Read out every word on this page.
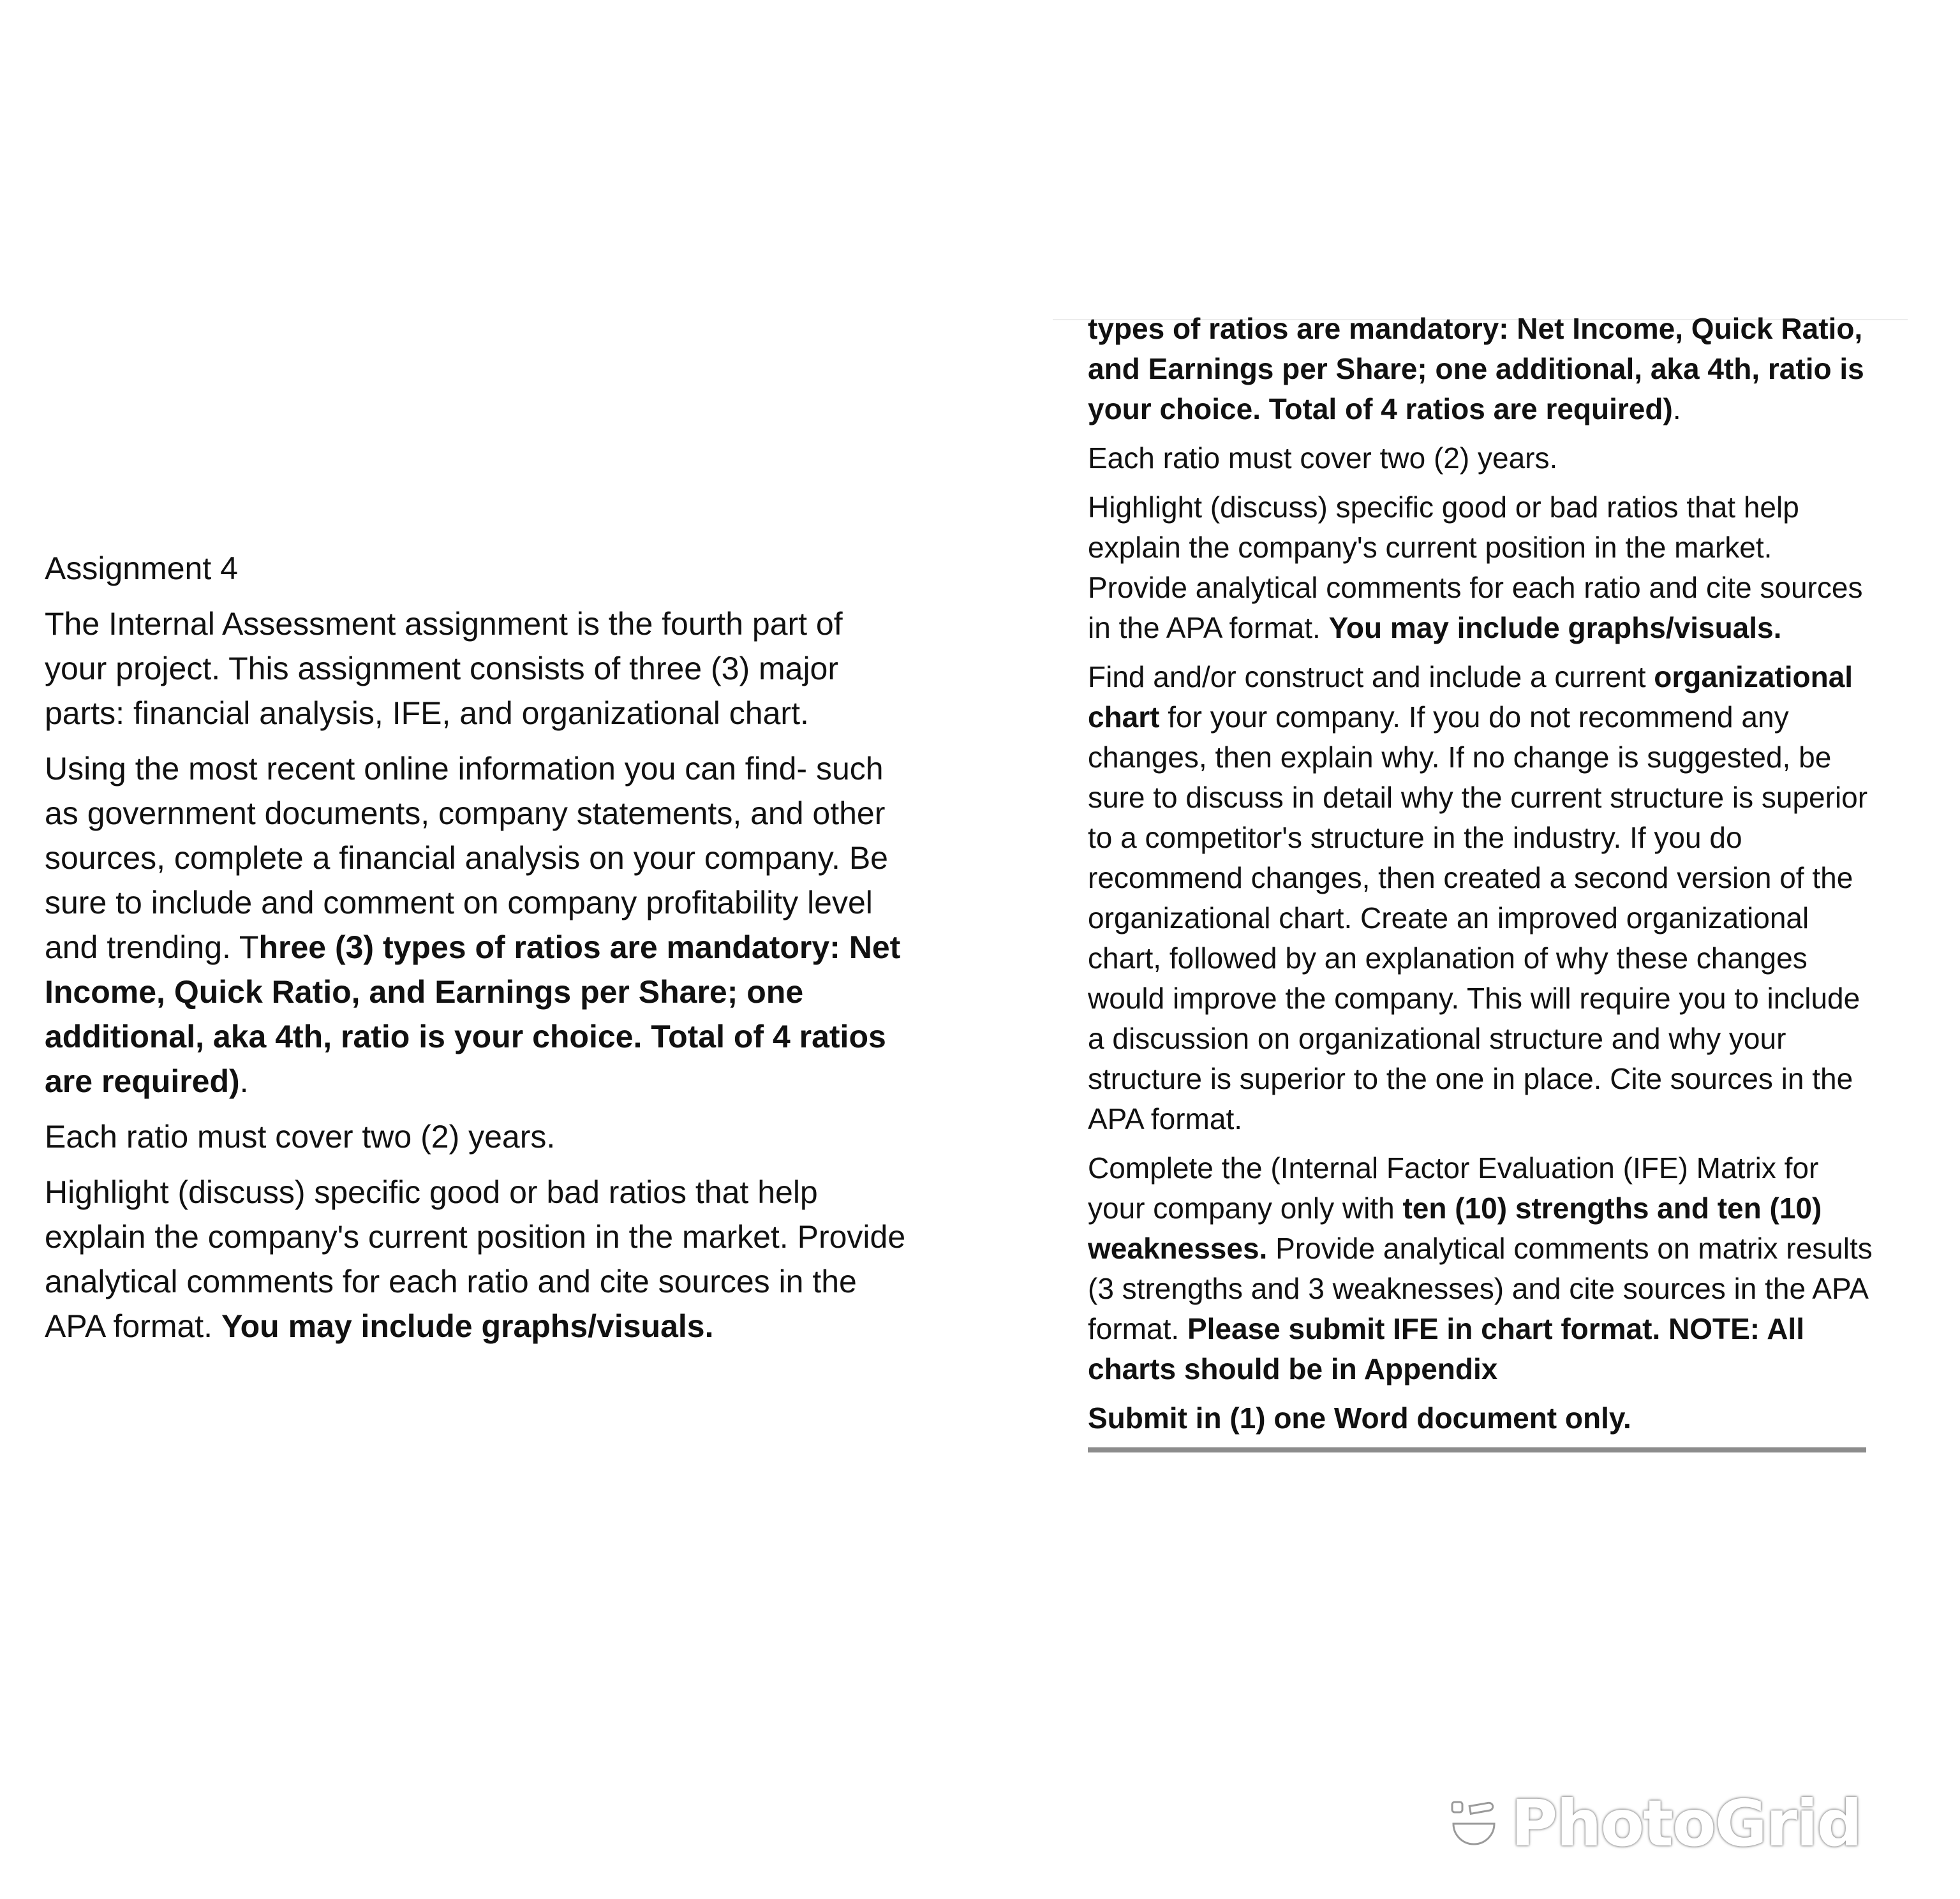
Assignment 4

The Internal Assessment assignment is the fourth part of your project. This assignment consists of three (3) major parts: financial analysis, IFE, and organizational chart.

Using the most recent online information you can find- such as government documents, company statements, and other sources, complete a financial analysis on your company. Be sure to include and comment on company profitability level and trending. Three (3) types of ratios are mandatory: Net Income, Quick Ratio, and Earnings per Share; one additional, aka 4th, ratio is your choice. Total of 4 ratios are required).

Each ratio must cover two (2) years.

Highlight (discuss) specific good or bad ratios that help explain the company's current position in the market. Provide analytical comments for each ratio and cite sources in the APA format. You may include graphs/visuals.

types of ratios are mandatory: Net Income, Quick Ratio, and Earnings per Share; one additional, aka 4th, ratio is your choice. Total of 4 ratios are required).

Each ratio must cover two (2) years.

Highlight (discuss) specific good or bad ratios that help explain the company's current position in the market. Provide analytical comments for each ratio and cite sources in the APA format. You may include graphs/visuals.

Find and/or construct and include a current organizational chart for your company. If you do not recommend any changes, then explain why. If no change is suggested, be sure to discuss in detail why the current structure is superior to a competitor's structure in the industry. If you do recommend changes, then created a second version of the organizational chart. Create an improved organizational chart, followed by an explanation of why these changes would improve the company. This will require you to include a discussion on organizational structure and why your structure is superior to the one in place. Cite sources in the APA format.

Complete the (Internal Factor Evaluation (IFE) Matrix for your company only with ten (10) strengths and ten (10) weaknesses. Provide analytical comments on matrix results (3 strengths and 3 weaknesses) and cite sources in the APA format. Please submit IFE in chart format. NOTE: All charts should be in Appendix

Submit in (1) one Word document only.

PhotoGrid
